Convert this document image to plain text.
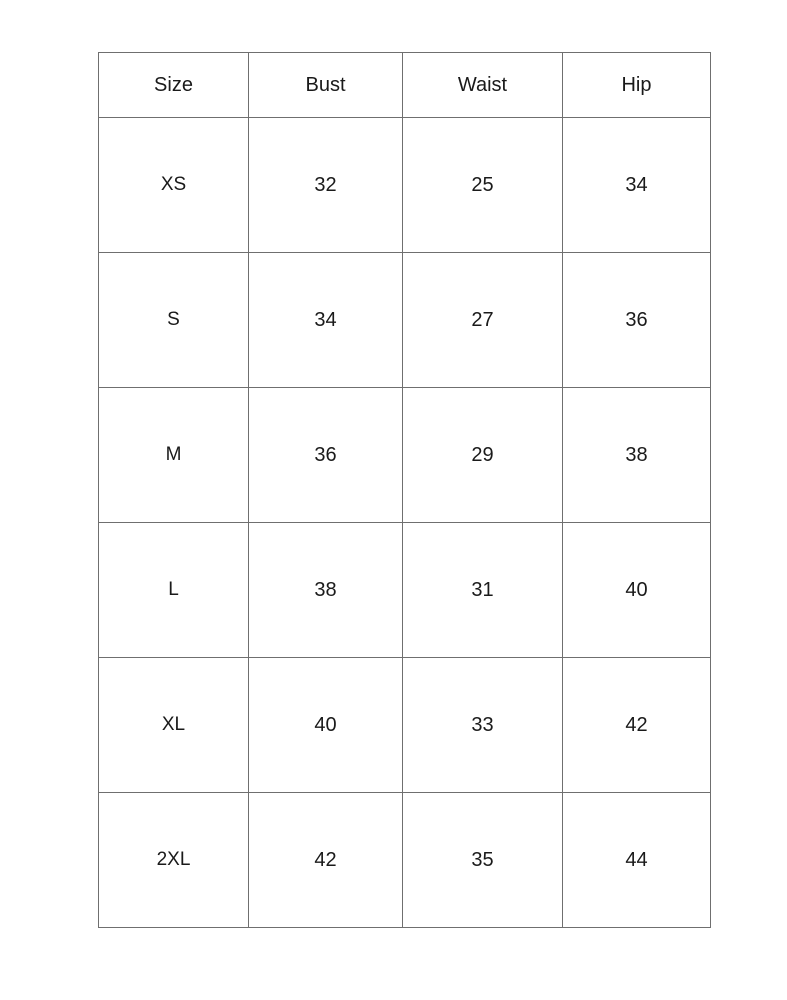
Size	Bust	Waist	Hip
XS	32	25	34
S	34	27	36
M	36	29	38
L	38	31	40
XL	40	33	42
2XL	42	35	44
